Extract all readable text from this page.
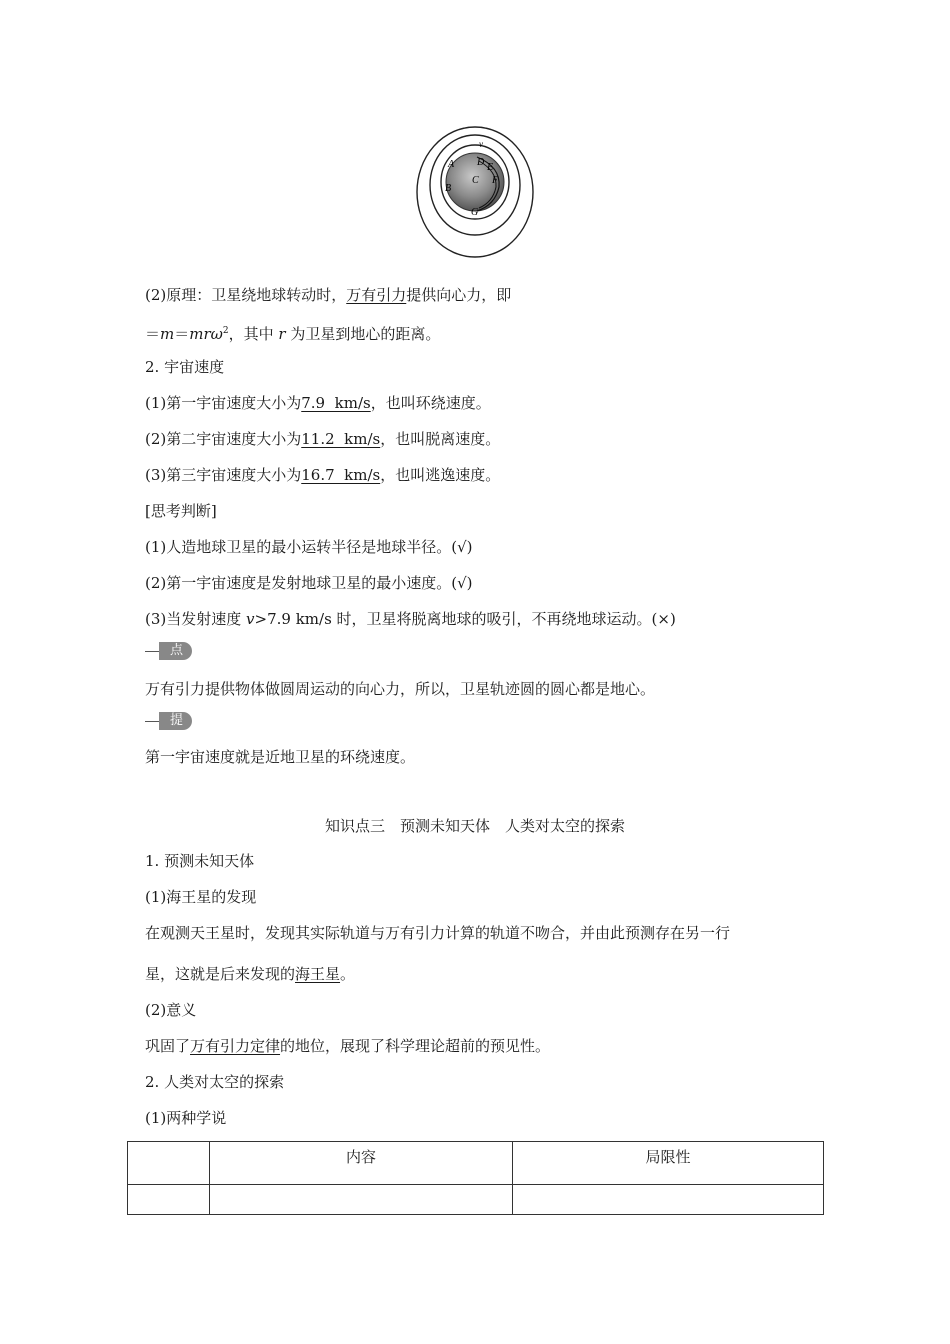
v
A D E
B
C F
G
(2)原理：卫星绕地球转动时，万有引力提供向心力，即
＝m＝mrω$^2$，其中 r 为卫星到地心的距离。
2. 宇宙速度
(1)第一宇宙速度大小为7.9  km/s，也叫环绕速度。
(2)第二宇宙速度大小为11.2  km/s，也叫脱离速度。
(3)第三宇宙速度大小为16.7  km/s，也叫逃逸速度。
[思考判断]
(1)人造地球卫星的最小运转半径是地球半径。(√)
(2)第一宇宙速度是发射地球卫星的最小速度。(√)
(3)当发射速度 v>7.9 km/s 时，卫星将脱离地球的吸引，不再绕地球运动。(×)
点拨
万有引力提供物体做圆周运动的向心力，所以，卫星轨迹圆的圆心都是地心。
提醒
第一宇宙速度就是近地卫星的环绕速度。
知识点三　预测未知天体　人类对太空的探索
1. 预测未知天体
(1)海王星的发现
在观测天王星时，发现其实际轨道与万有引力计算的轨道不吻合，并由此预测存在另一行
星，这就是后来发现的海王星。
(2)意义
巩固了万有引力定律的地位，展现了科学理论超前的预见性。
2. 人类对太空的探索
(1)两种学说
	内容	局限性
